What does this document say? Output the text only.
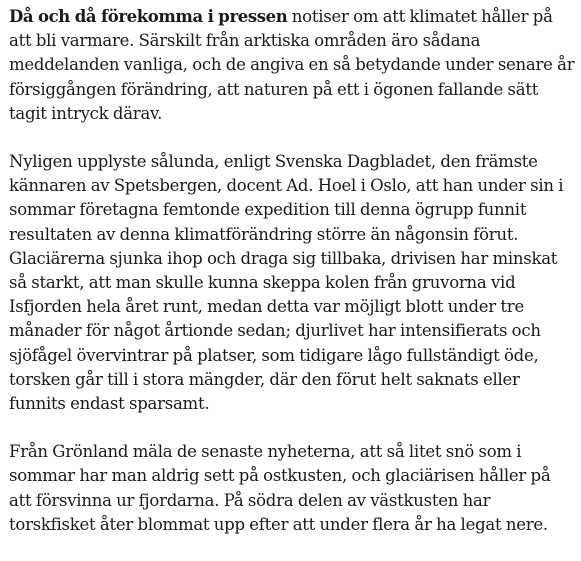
Då och då förekomma i pressen notiser om att klimatet håller på att bli varmare. Särskilt från arktiska områden äro sådana meddelanden vanliga, och de angiva en så betydande under senare år försiggången förändring, att naturen på ett i ögonen fallande sätt tagit intryck därav.

Nyligen upplyste sålunda, enligt Svenska Dagbladet, den främste kännaren av Spetsbergen, docent Ad. Hoel i Oslo, att han under sin i sommar företagna femtonde expedition till denna ögrupp funnit resultaten av denna klimatförändring större än någonsin förut. Glaciärerna sjunka ihop och draga sig tillbaka, drivisen har minskat så starkt, att man skulle kunna skeppa kolen från gruvorna vid Isfjorden hela året runt, medan detta var möjligt blott under tre månader för något årtionde sedan; djurlivet har intensifierats och sjöfågel övervintrar på platser, som tidigare lågo fullständigt öde, torsken går till i stora mängder, där den förut helt saknats eller funnits endast sparsamt.

Från Grönland mäla de senaste nyheterna, att så litet snö som i sommar har man aldrig sett på ostkusten, och glaciärisen håller på att försvinna ur fjordarna. På södra delen av västkusten har torskfisket åter blommat upp efter att under flera år ha legat nere.
